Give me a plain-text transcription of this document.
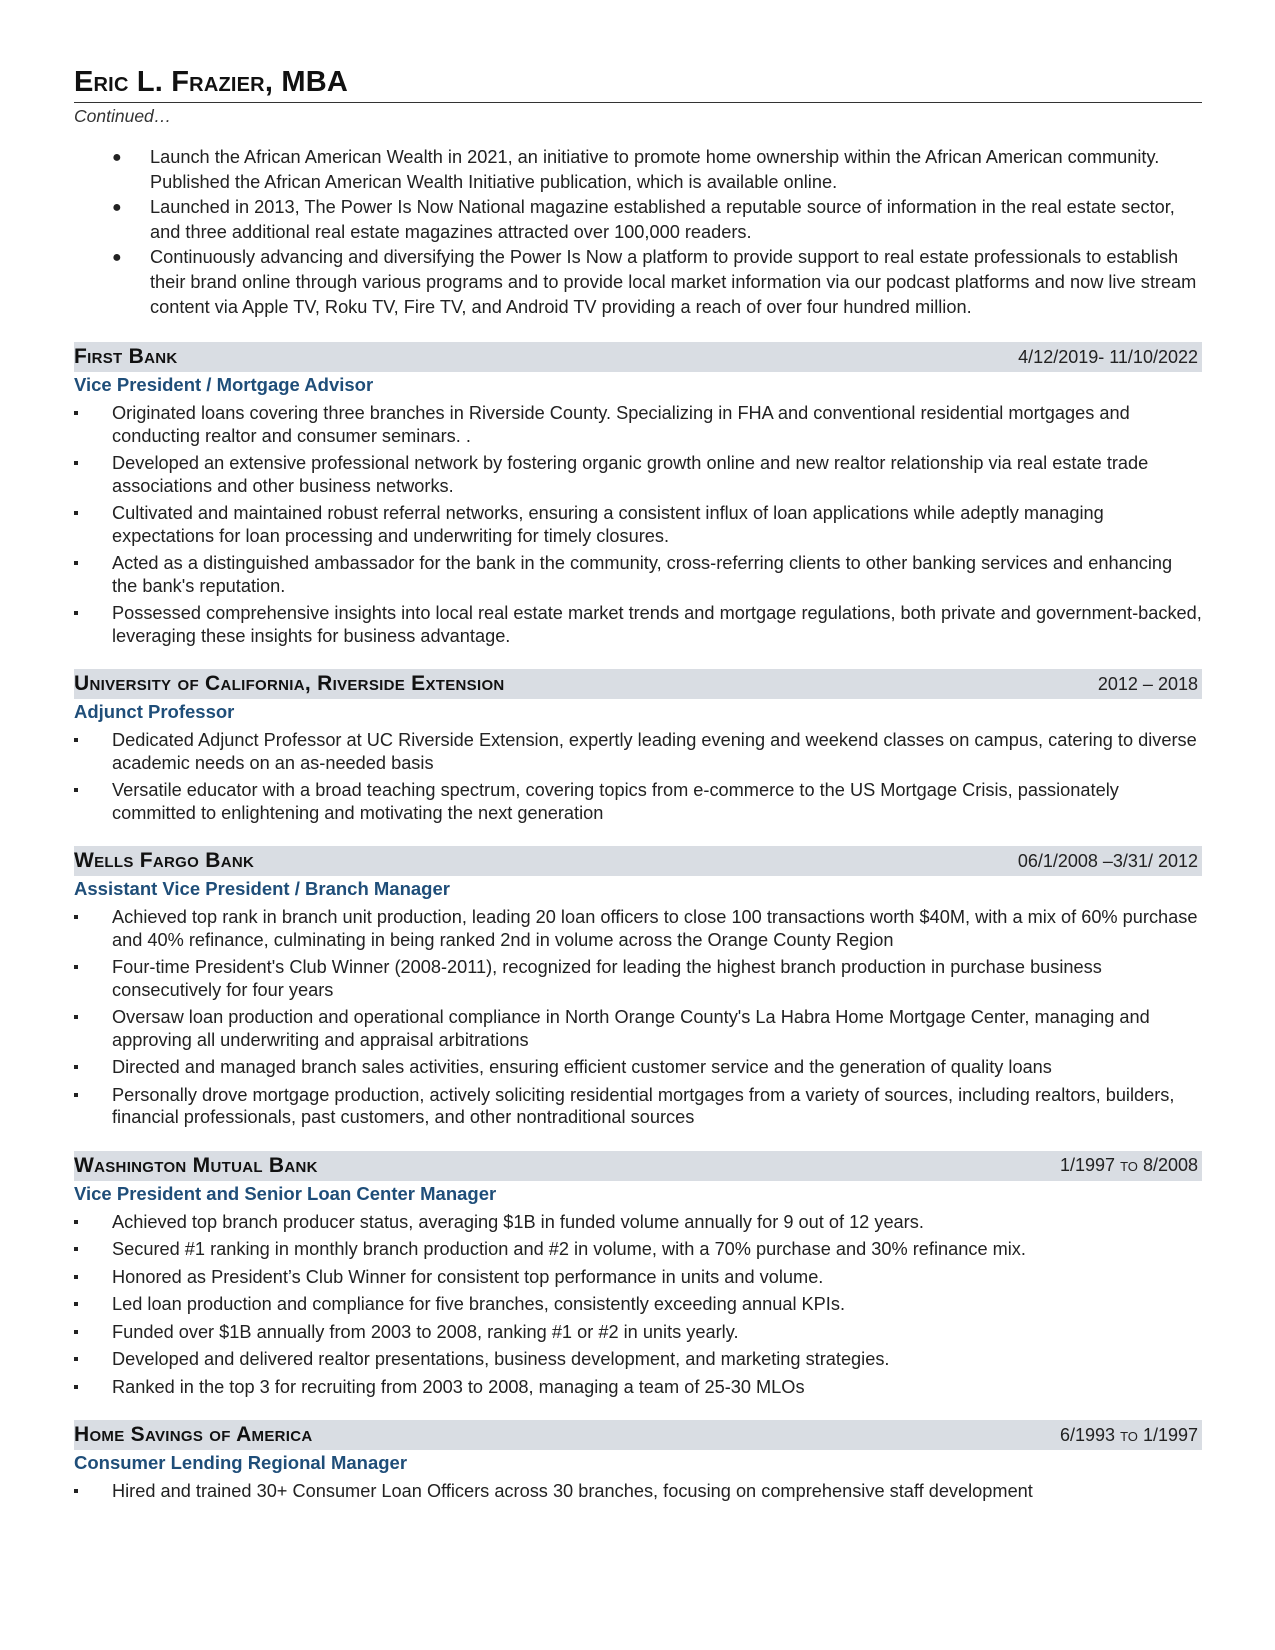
Eric L. Frazier, MBA
Continued…
● Launch the African American Wealth in 2021, an initiative to promote home ownership within the African American community. Published the African American Wealth Initiative publication, which is available online.
● Launched in 2013, The Power Is Now National magazine established a reputable source of information in the real estate sector, and three additional real estate magazines attracted over 100,000 readers.
● Continuously advancing and diversifying the Power Is Now a platform to provide support to real estate professionals to establish their brand online through various programs and to provide local market information via our podcast platforms and now live stream content via Apple TV, Roku TV, Fire TV, and Android TV providing a reach of over four hundred million.
First Bank	4/12/2019- 11/10/2022
Vice President / Mortgage Advisor
Originated loans covering three branches in Riverside County. Specializing in FHA and conventional residential mortgages and conducting realtor and consumer seminars. .
Developed an extensive professional network by fostering organic growth online and new realtor relationship via real estate trade associations and other business networks.
Cultivated and maintained robust referral networks, ensuring a consistent influx of loan applications while adeptly managing expectations for loan processing and underwriting for timely closures.
Acted as a distinguished ambassador for the bank in the community, cross-referring clients to other banking services and enhancing the bank's reputation.
Possessed comprehensive insights into local real estate market trends and mortgage regulations, both private and government-backed, leveraging these insights for business advantage.
University of California, Riverside Extension	2012 – 2018
Adjunct Professor
Dedicated Adjunct Professor at UC Riverside Extension, expertly leading evening and weekend classes on campus, catering to diverse academic needs on an as-needed basis
Versatile educator with a broad teaching spectrum, covering topics from e-commerce to the US Mortgage Crisis, passionately committed to enlightening and motivating the next generation
Wells Fargo Bank	06/1/2008 –3/31/ 2012
Assistant Vice President / Branch Manager
Achieved top rank in branch unit production, leading 20 loan officers to close 100 transactions worth $40M, with a mix of 60% purchase and 40% refinance, culminating in being ranked 2nd in volume across the Orange County Region
Four-time President's Club Winner (2008-2011), recognized for leading the highest branch production in purchase business consecutively for four years
Oversaw loan production and operational compliance in North Orange County's La Habra Home Mortgage Center, managing and approving all underwriting and appraisal arbitrations
Directed and managed branch sales activities, ensuring efficient customer service and the generation of quality loans
Personally drove mortgage production, actively soliciting residential mortgages from a variety of sources, including realtors, builders, financial professionals, past customers, and other nontraditional sources
Washington Mutual Bank	1/1997 to 8/2008
Vice President and Senior Loan Center Manager
Achieved top branch producer status, averaging $1B in funded volume annually for 9 out of 12 years.
Secured #1 ranking in monthly branch production and #2 in volume, with a 70% purchase and 30% refinance mix.
Honored as President’s Club Winner for consistent top performance in units and volume.
Led loan production and compliance for five branches, consistently exceeding annual KPIs.
Funded over $1B annually from 2003 to 2008, ranking #1 or #2 in units yearly.
Developed and delivered realtor presentations, business development, and marketing strategies.
Ranked in the top 3 for recruiting from 2003 to 2008, managing a team of 25-30 MLOs
Home Savings of America	6/1993 to 1/1997
Consumer Lending Regional Manager
Hired and trained 30+ Consumer Loan Officers across 30 branches, focusing on comprehensive staff development
